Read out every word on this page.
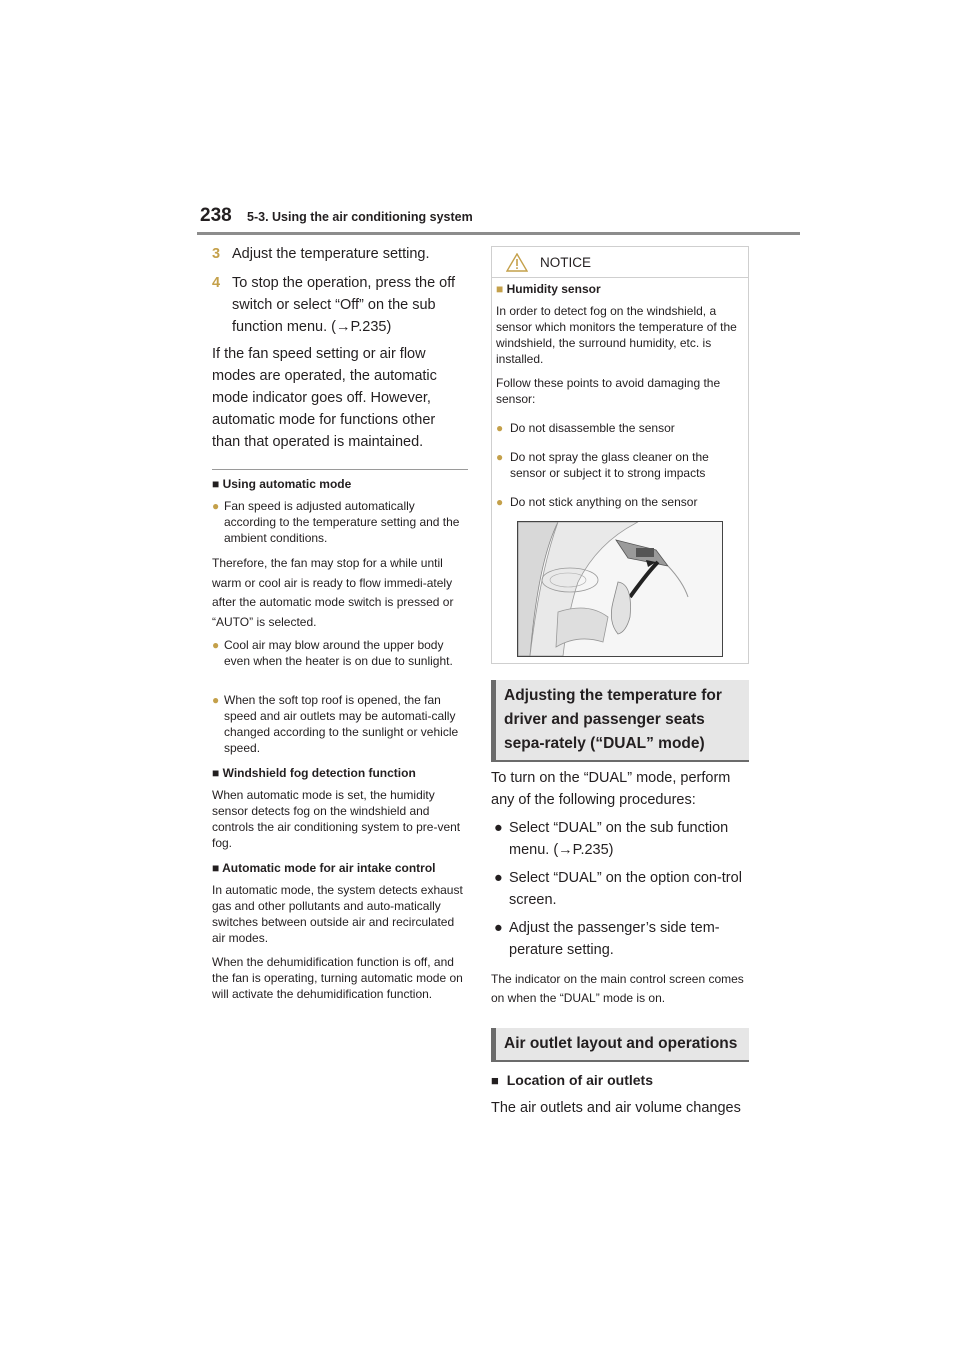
238 5-3. Using the air conditioning system
3 Adjust the temperature setting.
4 To stop the operation, press the off switch or select “Off” on the sub function menu. (→P.235)
If the fan speed setting or air flow modes are operated, the automatic mode indicator goes off. However, automatic mode for functions other than that operated is maintained.
■ Using automatic mode
● Fan speed is adjusted automatically according to the temperature setting and the ambient conditions.
Therefore, the fan may stop for a while until warm or cool air is ready to flow immedi-ately after the automatic mode switch is pressed or “AUTO” is selected.
● Cool air may blow around the upper body even when the heater is on due to sunlight.
● When the soft top roof is opened, the fan speed and air outlets may be automati-cally changed according to the sunlight or vehicle speed.
■ Windshield fog detection function
When automatic mode is set, the humidity sensor detects fog on the windshield and controls the air conditioning system to pre-vent fog.
■ Automatic mode for air intake control
In automatic mode, the system detects exhaust gas and other pollutants and auto-matically switches between outside air and recirculated air modes.
When the dehumidification function is off, and the fan is operating, turning automatic mode on will activate the dehumidification function.
NOTICE
■ Humidity sensor
In order to detect fog on the windshield, a sensor which monitors the temperature of the windshield, the surround humidity, etc. is installed.
Follow these points to avoid damaging the sensor:
● Do not disassemble the sensor
● Do not spray the glass cleaner on the sensor or subject it to strong impacts
● Do not stick anything on the sensor
Adjusting the temperature for driver and passenger seats sepa-rately (“DUAL” mode)
To turn on the “DUAL” mode, perform any of the following procedures:
● Select “DUAL” on the sub function menu. (→P.235)
● Select “DUAL” on the option con-trol screen.
● Adjust the passenger’s side tem-perature setting.
The indicator on the main control screen comes on when the “DUAL” mode is on.
Air outlet layout and operations
■ Location of air outlets
The air outlets and air volume changes
